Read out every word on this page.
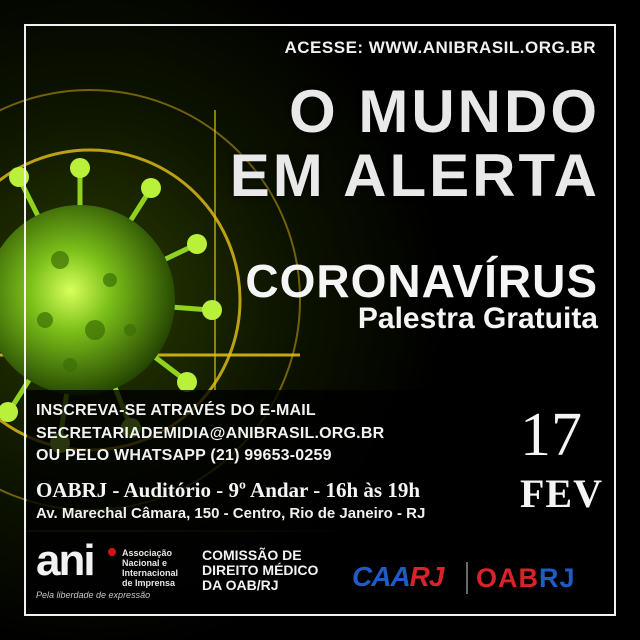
ACESSE: WWW.ANIBRASIL.ORG.BR
O MUNDO
EM ALERTA
CORONAVÍRUS
Palestra Gratuita
INSCREVA-SE ATRAVÉS DO E-MAIL
SECRETARIADEMIDIA@ANIBRASIL.ORG.BR
OU PELO WHATSAPP (21) 99653-0259
OABRJ - Auditório - 9º Andar - 16h às 19h
Av. Marechal Câmara, 150 - Centro, Rio de Janeiro - RJ
17
FEV
ani	Associação
Nacional e
Internacional
de Imprensa
Pela liberdade de expressão
COMISSÃO DE
DIREITO MÉDICO
DA OAB/RJ	CAARJ OABRJ
